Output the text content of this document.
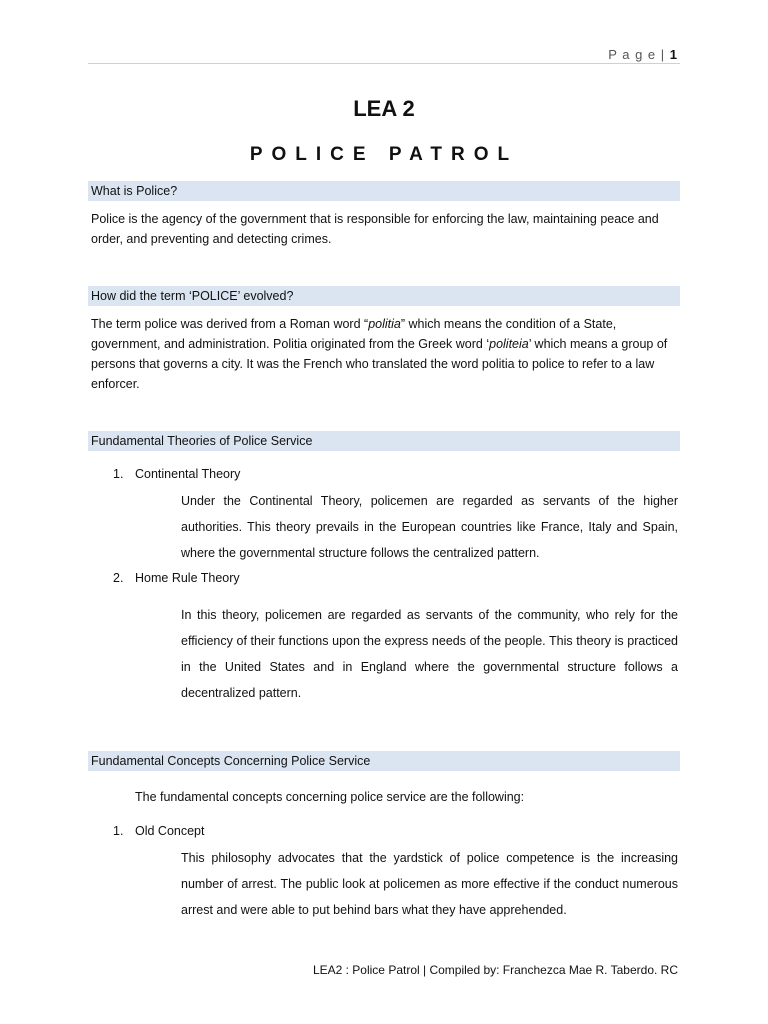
P a g e | 1
LEA 2
POLICE PATROL
What is Police?
Police is the agency of the government that is responsible for enforcing the law, maintaining peace and order, and preventing and detecting crimes.
How did the term ‘POLICE’ evolved?
The term police was derived from a Roman word “politia” which means the condition of a State, government, and administration. Politia originated from the Greek word ‘politeia’ which means a group of persons that governs a city. It was the French who translated the word politia to police to refer to a law enforcer.
Fundamental Theories of Police Service
1. Continental Theory
Under the Continental Theory, policemen are regarded as servants of the higher authorities. This theory prevails in the European countries like France, Italy and Spain, where the governmental structure follows the centralized pattern.
2. Home Rule Theory
In this theory, policemen are regarded as servants of the community, who rely for the efficiency of their functions upon the express needs of the people. This theory is practiced in the United States and in England where the governmental structure follows a decentralized pattern.
Fundamental Concepts Concerning Police Service
The fundamental concepts concerning police service are the following:
1. Old Concept
This philosophy advocates that the yardstick of police competence is the increasing number of arrest. The public look at policemen as more effective if the conduct numerous arrest and were able to put behind bars what they have apprehended.
LEA2 : Police Patrol | Compiled by: Franchezca Mae R. Taberdo. RC
